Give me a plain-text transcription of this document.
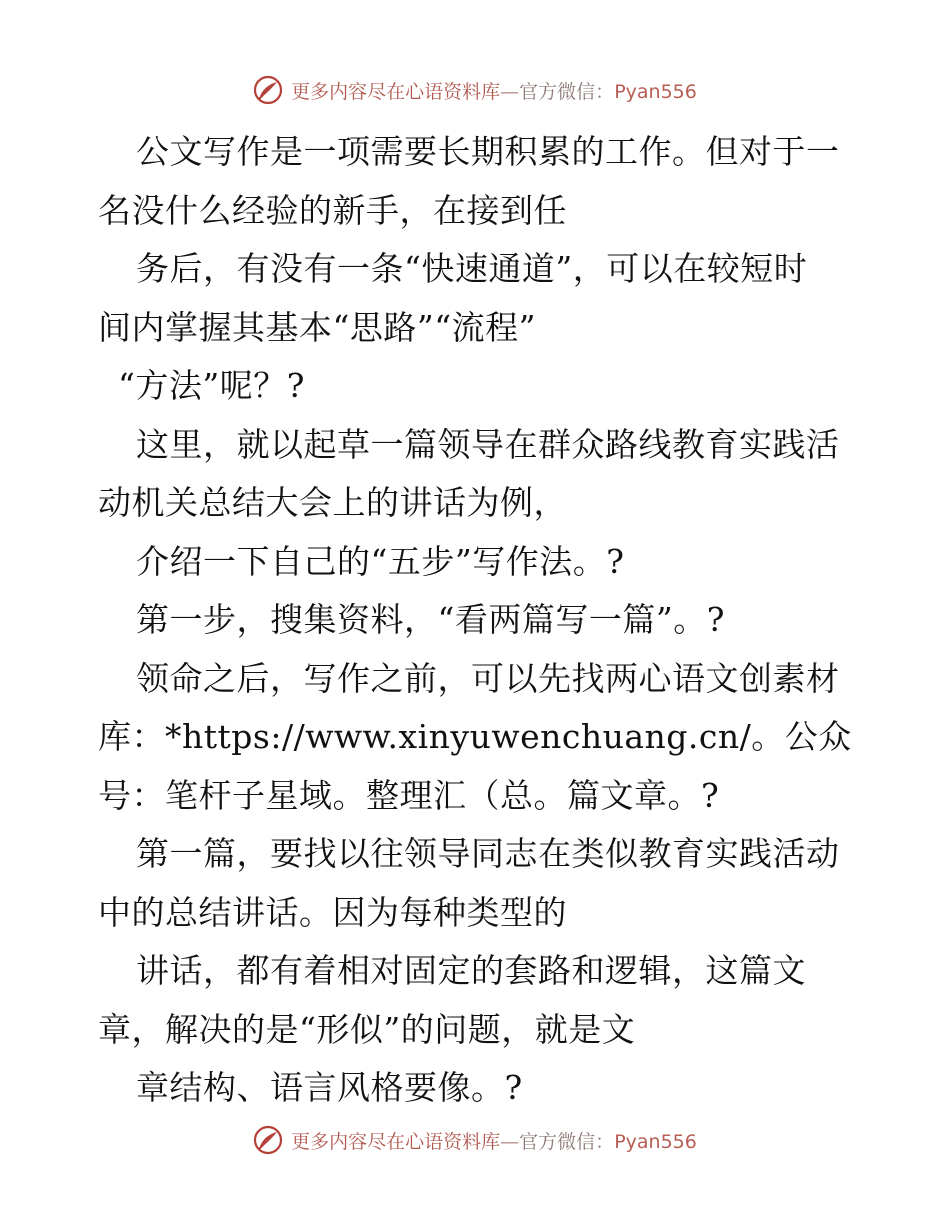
更多内容尽在心语资料库—官方微信：Pyan556
公文写作是一项需要长期积累的工作。但对于一
名没什么经验的新手，在接到任
务后，有没有一条“快速通道”，可以在较短时
间内掌握其基本“思路”“流程”
“方法”呢？?
这里，就以起草一篇领导在群众路线教育实践活
动机关总结大会上的讲话为例，
介绍一下自己的“五步”写作法。?
第一步，搜集资料，“看两篇写一篇”。?
领命之后，写作之前，可以先找两心语文创素材
库：*https://www.xinyuwenchuang.cn/。公众
号：笔杆子星域。整理汇（总。篇文章。?
第一篇，要找以往领导同志在类似教育实践活动
中的总结讲话。因为每种类型的
讲话，都有着相对固定的套路和逻辑，这篇文
章，解决的是“形似”的问题，就是文
章结构、语言风格要像。?
更多内容尽在心语资料库—官方微信：Pyan556
